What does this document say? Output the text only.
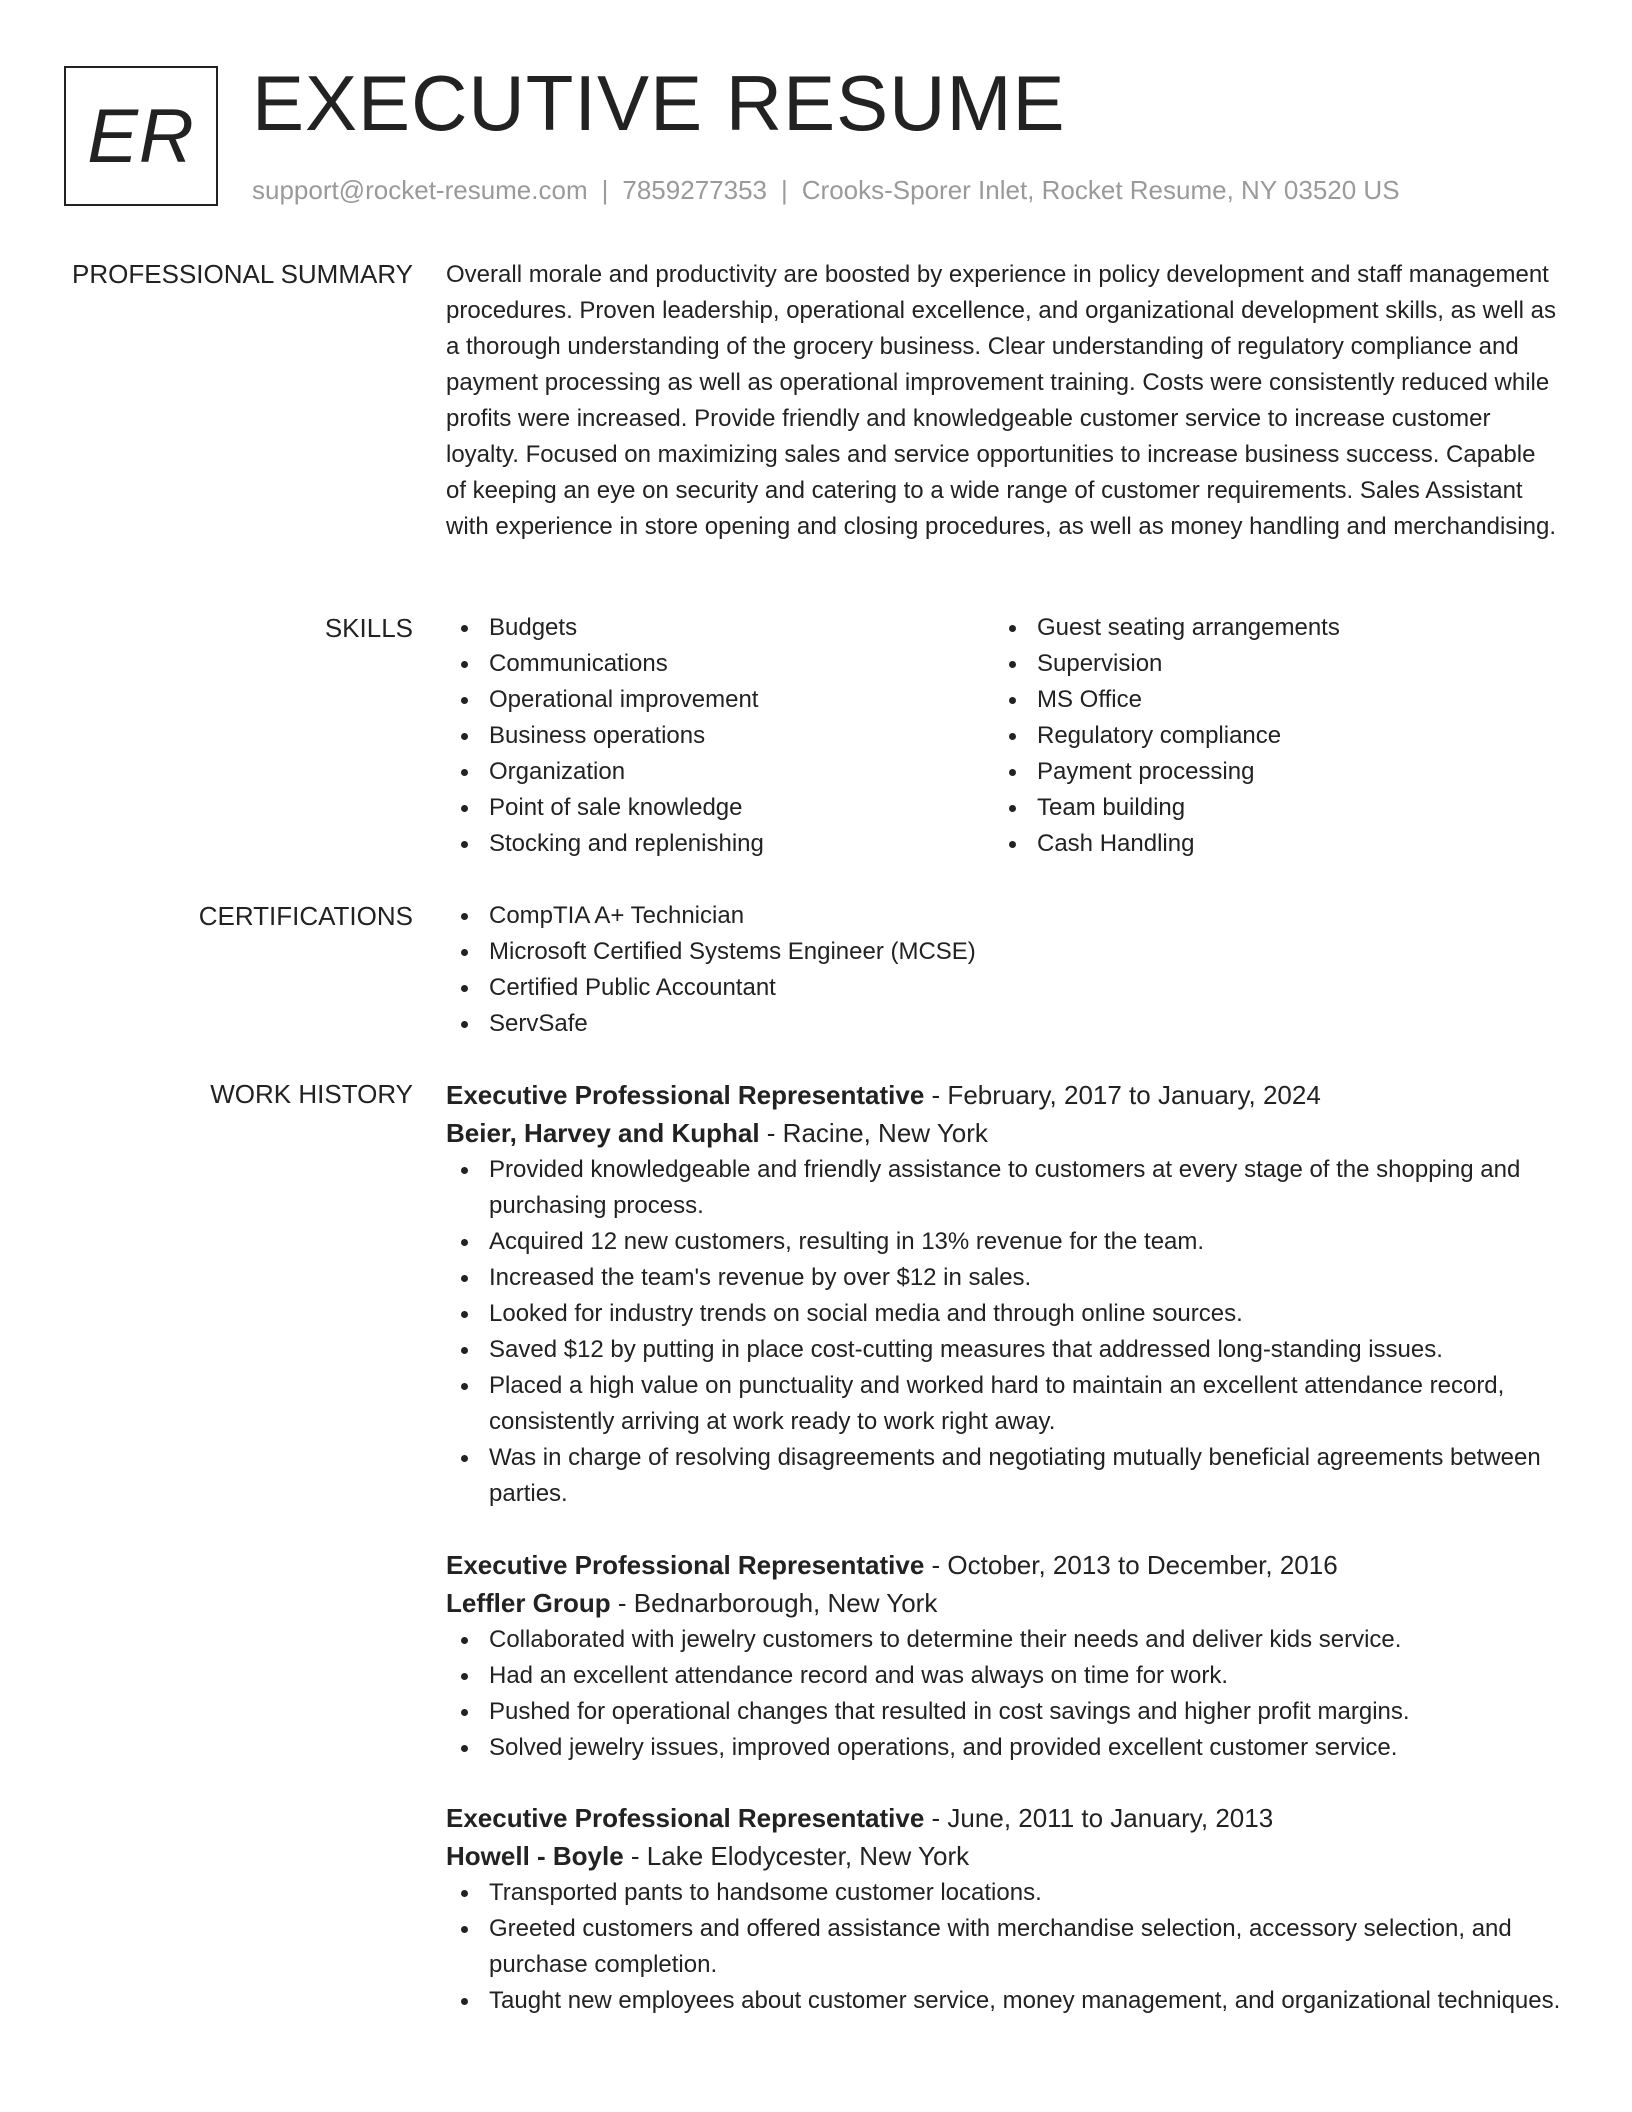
ER EXECUTIVE RESUME
support@rocket-resume.com | 7859277353 | Crooks-Sporer Inlet, Rocket Resume, NY 03520 US
PROFESSIONAL SUMMARY Overall morale and productivity are boosted by experience in policy development and staff management procedures. Proven leadership, operational excellence, and organizational development skills, as well as a thorough understanding of the grocery business. Clear understanding of regulatory compliance and payment processing as well as operational improvement training. Costs were consistently reduced while profits were increased. Provide friendly and knowledgeable customer service to increase customer loyalty. Focused on maximizing sales and service opportunities to increase business success. Capable of keeping an eye on security and catering to a wide range of customer requirements. Sales Assistant with experience in store opening and closing procedures, as well as money handling and merchandising.

SKILLS	Budgets
Communications
Operational improvement
Business operations
Organization
Point of sale knowledge
Stocking and replenishing
Guest seating arrangements
Supervision
MS Office
Regulatory compliance
Payment processing
Team building
Cash Handling
CERTIFICATIONS	CompTIA A+ Technician
Microsoft Certified Systems Engineer (MCSE)
Certified Public Accountant
ServSafe
WORK HISTORY Executive Professional Representative - February, 2017 to January, 2024
Beier, Harvey and Kuphal - Racine, New York
Provided knowledgeable and friendly assistance to customers at every stage of the shopping and purchasing process.
Acquired 12 new customers, resulting in 13% revenue for the team.
Increased the team's revenue by over $12 in sales.
Looked for industry trends on social media and through online sources.
Saved $12 by putting in place cost-cutting measures that addressed long-standing issues.
Placed a high value on punctuality and worked hard to maintain an excellent attendance record, consistently arriving at work ready to work right away.
Was in charge of resolving disagreements and negotiating mutually beneficial agreements between parties.
Executive Professional Representative - October, 2013 to December, 2016
Leffler Group - Bednarborough, New York
Collaborated with jewelry customers to determine their needs and deliver kids service.
Had an excellent attendance record and was always on time for work.
Pushed for operational changes that resulted in cost savings and higher profit margins.
Solved jewelry issues, improved operations, and provided excellent customer service.
Executive Professional Representative - June, 2011 to January, 2013
Howell - Boyle - Lake Elodycester, New York
Transported pants to handsome customer locations.
Greeted customers and offered assistance with merchandise selection, accessory selection, and purchase completion.
Taught new employees about customer service, money management, and organizational techniques.
